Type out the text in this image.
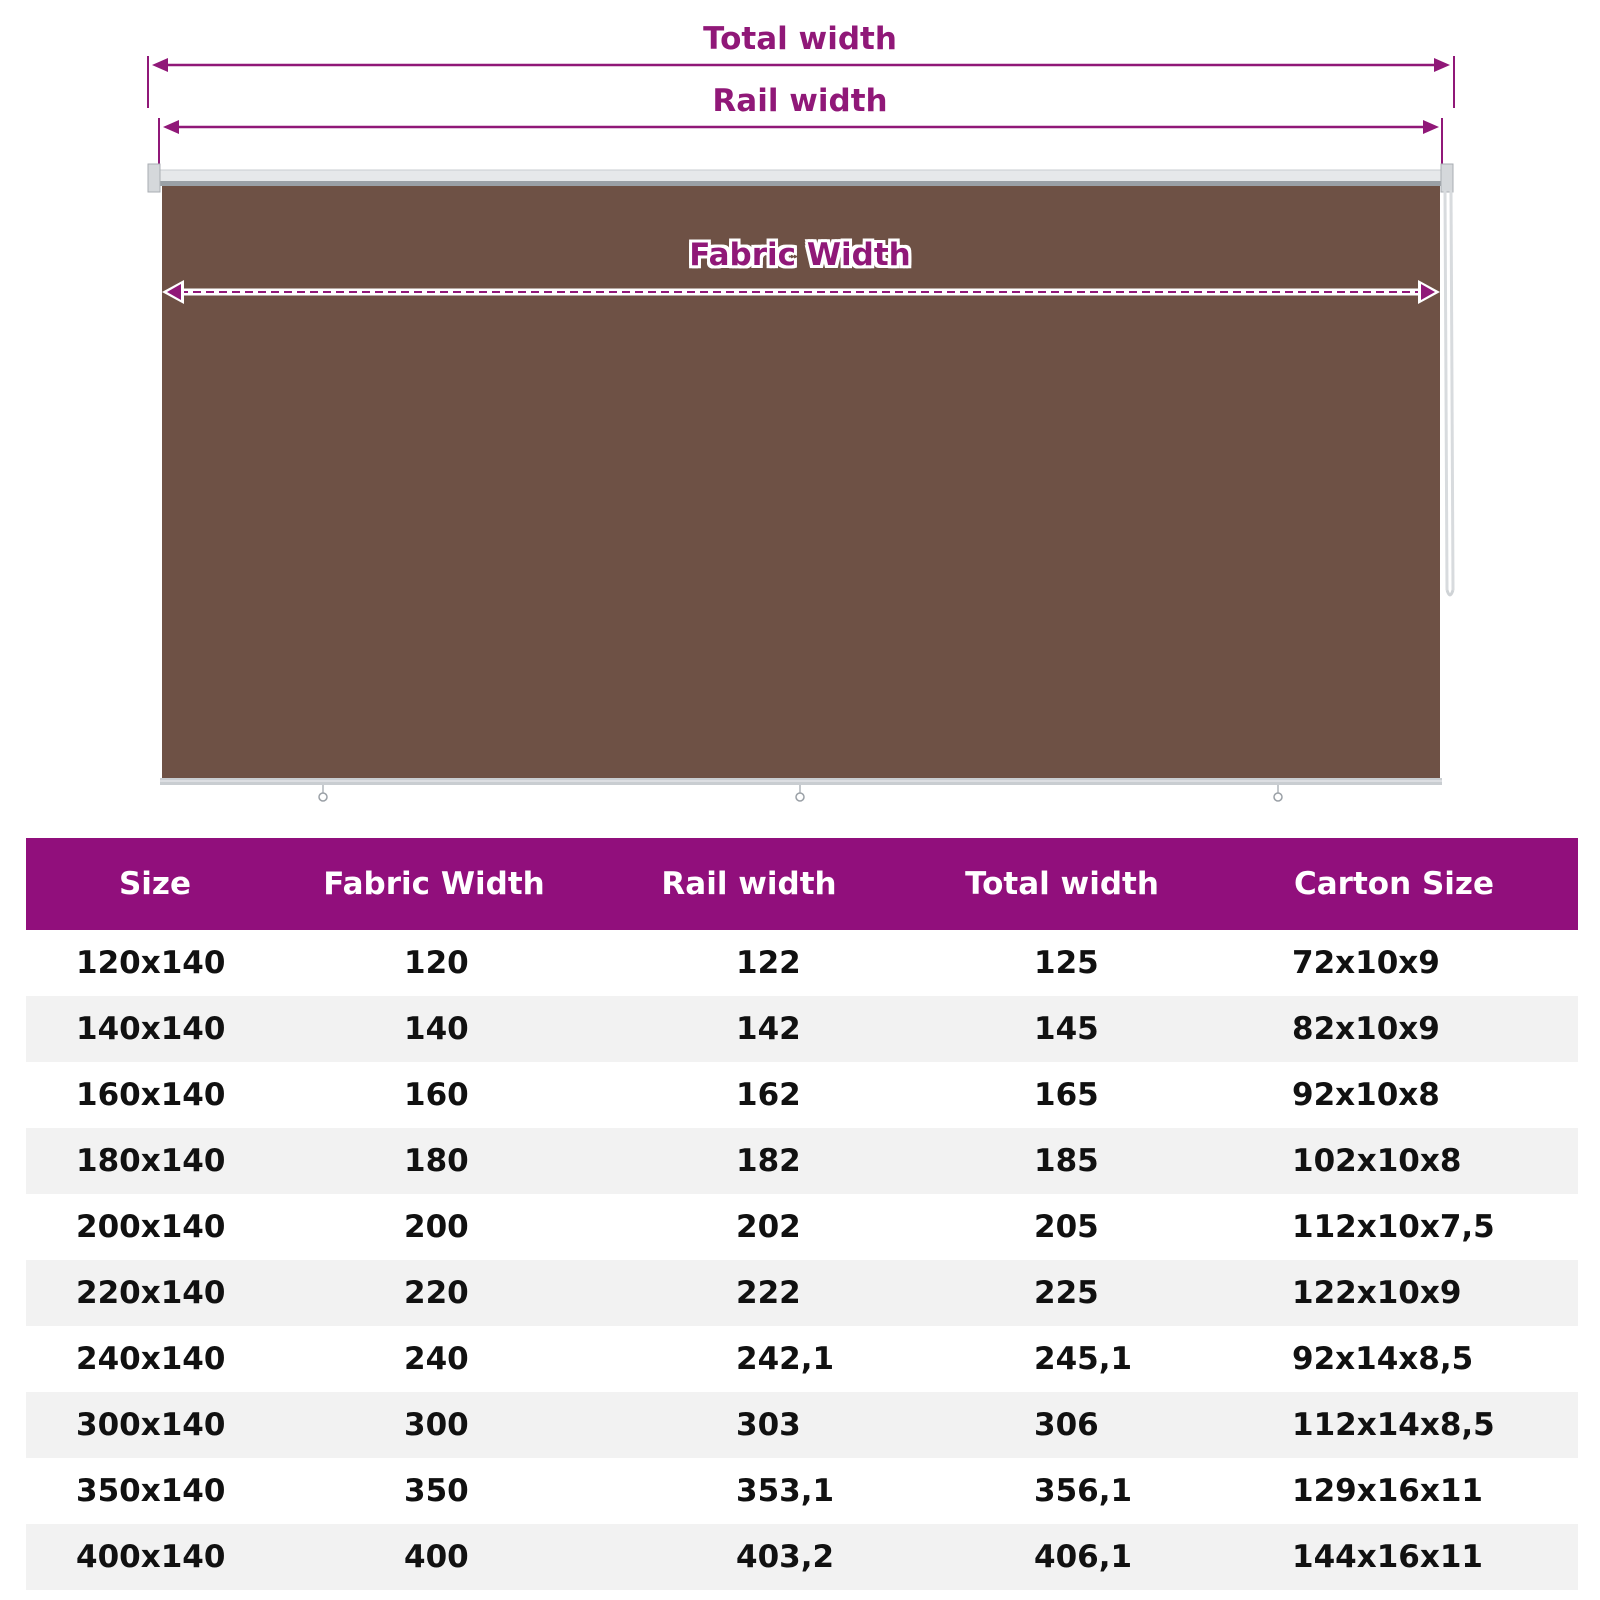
Total width
Rail width
Fabric Width
Size	Fabric Width	Rail width	Total width	Carton Size
120x140	120	122	125	72x10x9
140x140	140	142	145	82x10x9
160x140	160	162	165	92x10x8
180x140	180	182	185	102x10x8
200x140	200	202	205	112x10x7,5
220x140	220	222	225	122x10x9
240x140	240	242,1	245,1	92x14x8,5
300x140	300	303	306	112x14x8,5
350x140	350	353,1	356,1	129x16x11
400x140	400	403,2	406,1	144x16x11
